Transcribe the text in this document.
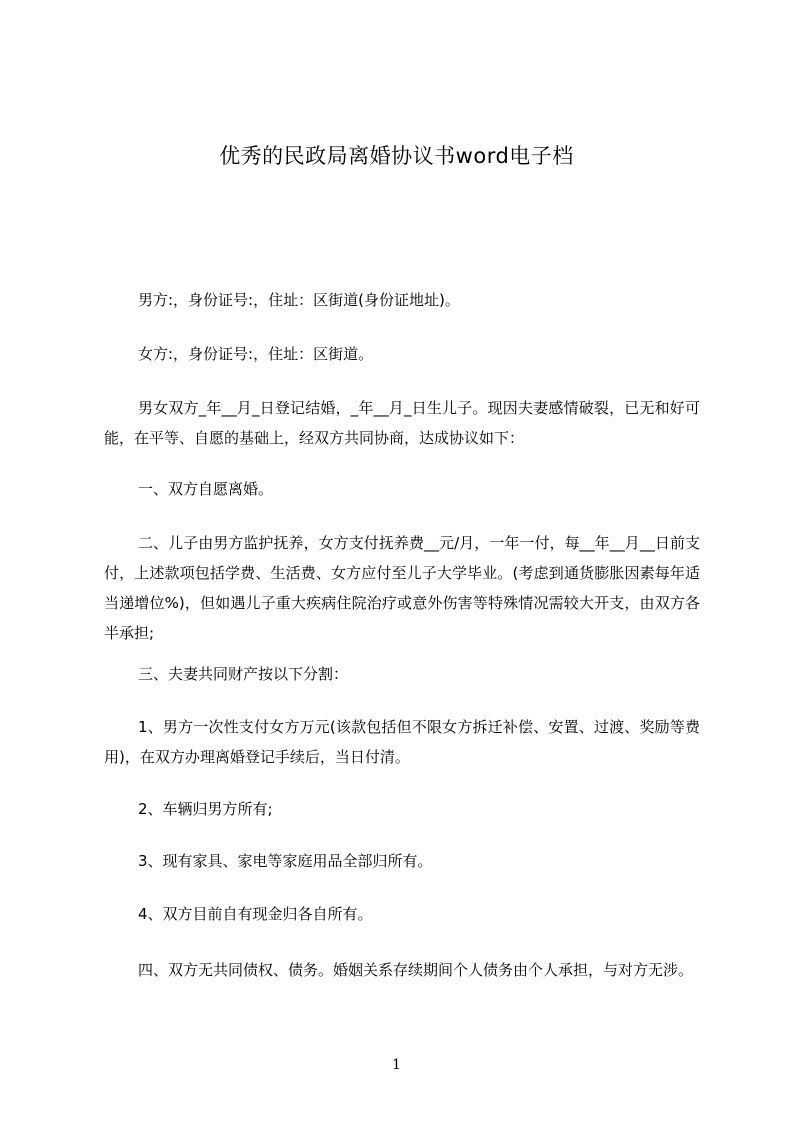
优秀的民政局离婚协议书word电子档

男方:，身份证号:，住址：区街道(身份证地址)。

女方:，身份证号:，住址：区街道。

男女双方_年__月_日登记结婚，_年__月_日生儿子。现因夫妻感情破裂，已无和好可能，在平等、自愿的基础上，经双方共同协商，达成协议如下：

一、双方自愿离婚。

二、儿子由男方监护抚养，女方支付抚养费__元/月，一年一付，每__年__月__日前支付，上述款项包括学费、生活费、女方应付至儿子大学毕业。(考虑到通货膨胀因素每年适当递增位%)，但如遇儿子重大疾病住院治疗或意外伤害等特殊情况需较大开支，由双方各半承担;

三、夫妻共同财产按以下分割：

1、男方一次性支付女方万元(该款包括但不限女方拆迁补偿、安置、过渡、奖励等费用)，在双方办理离婚登记手续后，当日付清。

2、车辆归男方所有;

3、现有家具、家电等家庭用品全部归所有。

4、双方目前自有现金归各自所有。

四、双方无共同债权、债务。婚姻关系存续期间个人债务由个人承担，与对方无涉。

1
